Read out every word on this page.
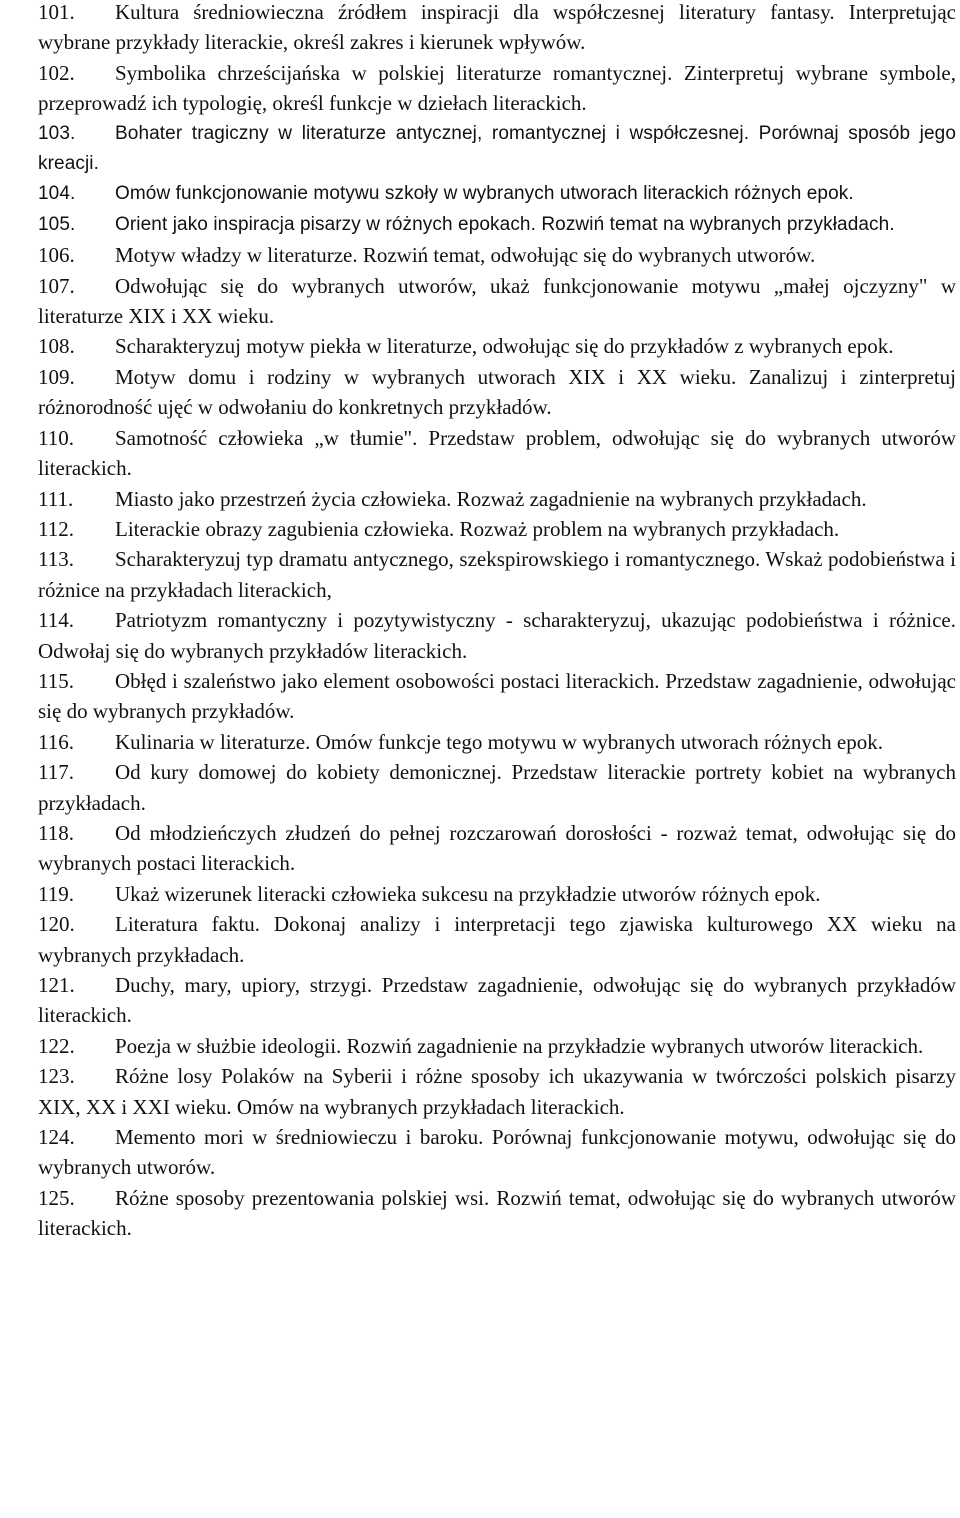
101. Kultura średniowieczna źródłem inspiracji dla współczesnej literatury fantasy. Interpretując wybrane przykłady literackie, określ zakres i kierunek wpływów.

102. Symbolika chrześcijańska w polskiej literaturze romantycznej. Zinterpretuj wybrane symbole, przeprowadź ich typologię, określ funkcje w dziełach literackich.

103. Bohater tragiczny w literaturze antycznej, romantycznej i współczesnej. Porównaj sposób jego kreacji.

104. Omów funkcjonowanie motywu szkoły w wybranych utworach literackich różnych epok.

105. Orient jako inspiracja pisarzy w różnych epokach. Rozwiń temat na wybranych przykładach.

106. Motyw władzy w literaturze. Rozwiń temat, odwołując się do wybranych utworów.

107. Odwołując się do wybranych utworów, ukaż funkcjonowanie motywu „małej ojczyzny" w literaturze XIX i XX wieku.

108. Scharakteryzuj motyw piekła w literaturze, odwołując się do przykładów z wybranych epok.

109. Motyw domu i rodziny w wybranych utworach XIX i XX wieku. Zanalizuj i zinterpretuj różnorodność ujęć w odwołaniu do konkretnych przykładów.

110. Samotność człowieka „w tłumie". Przedstaw problem, odwołując się do wybranych utworów literackich.

111. Miasto jako przestrzeń życia człowieka. Rozważ zagadnienie na wybranych przykładach.

112. Literackie obrazy zagubienia człowieka. Rozważ problem na wybranych przykładach.

113. Scharakteryzuj typ dramatu antycznego, szekspirowskiego i romantycznego. Wskaż podobieństwa i różnice na przykładach literackich,

114. Patriotyzm romantyczny i pozytywistyczny - scharakteryzuj, ukazując podobieństwa i różnice. Odwołaj się do wybranych przykładów literackich.

115. Obłęd i szaleństwo jako element osobowości postaci literackich. Przedstaw zagadnienie, odwołując się do wybranych przykładów.

116. Kulinaria w literaturze. Omów funkcje tego motywu w wybranych utworach różnych epok.

117. Od kury domowej do kobiety demonicznej. Przedstaw literackie portrety kobiet na wybranych przykładach.

118. Od młodzieńczych złudzeń do pełnej rozczarowań dorosłości - rozważ temat, odwołując się do wybranych postaci literackich.

119. Ukaż wizerunek literacki człowieka sukcesu na przykładzie utworów różnych epok.

120. Literatura faktu. Dokonaj analizy i interpretacji tego zjawiska kulturowego XX wieku na wybranych przykładach.

121. Duchy, mary, upiory, strzygi. Przedstaw zagadnienie, odwołując się do wybranych przykładów literackich.

122. Poezja w służbie ideologii. Rozwiń zagadnienie na przykładzie wybranych utworów literackich.

123. Różne losy Polaków na Syberii i różne sposoby ich ukazywania w twórczości polskich pisarzy XIX, XX i XXI wieku. Omów na wybranych przykładach literackich.

124. Memento mori w średniowieczu i baroku. Porównaj funkcjonowanie motywu, odwołując się do wybranych utworów.

125. Różne sposoby prezentowania polskiej wsi. Rozwiń temat, odwołując się do wybranych utworów literackich.
